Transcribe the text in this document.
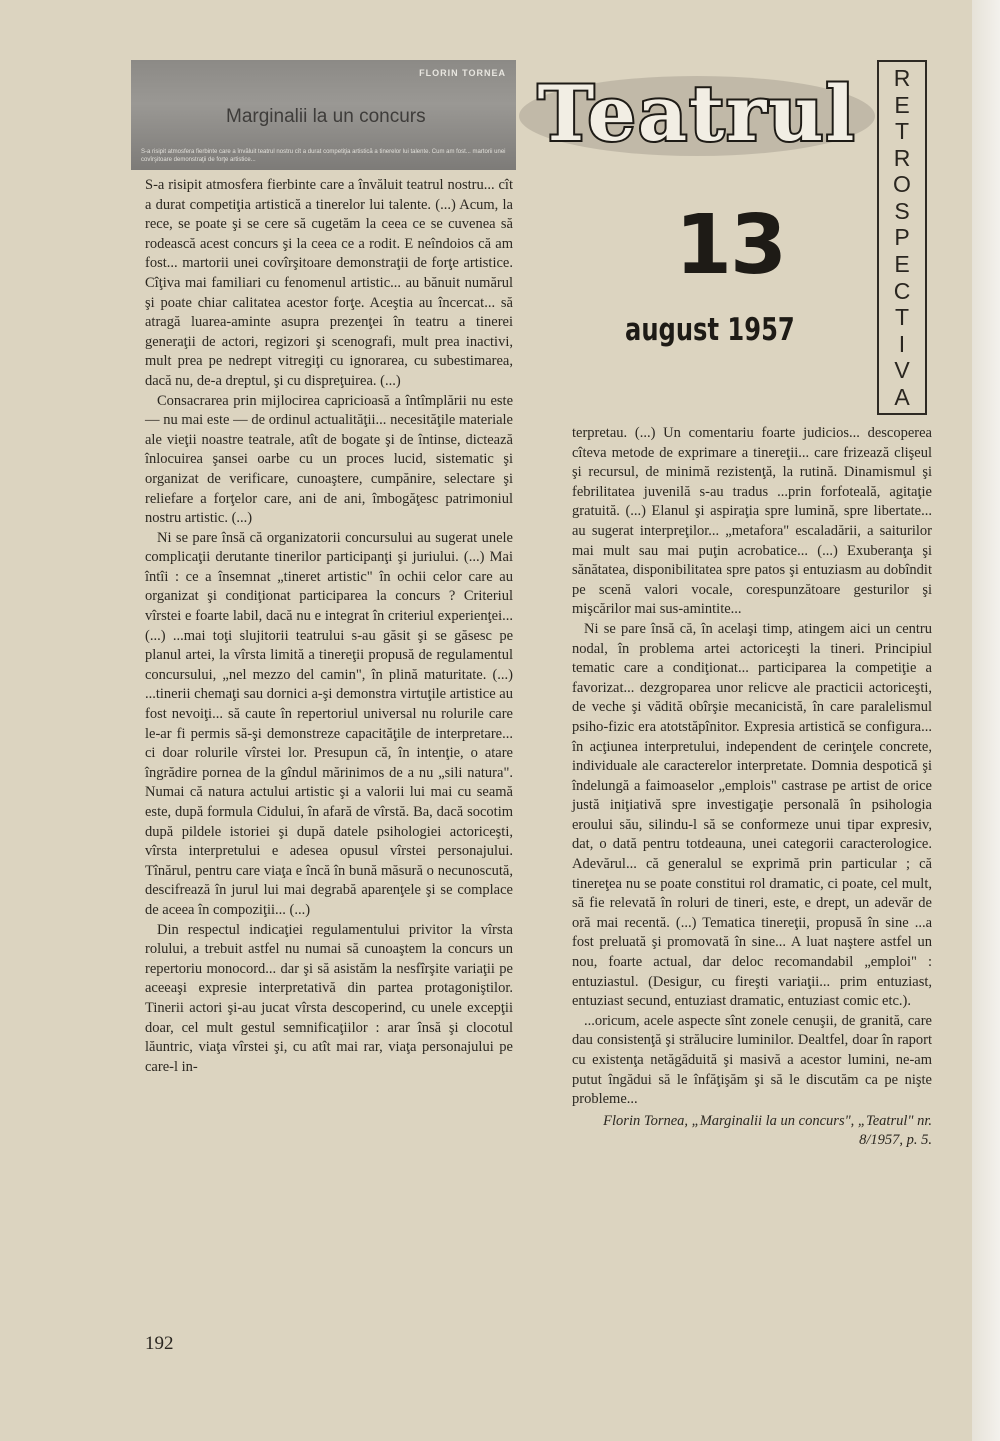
FLORIN TORNEA
Marginalii la un concurs
S-a risipit atmosfera fierbinte care a învăluit teatrul nostru cît a durat competiţia artistică a tinerelor lui talente. Cum am fost... martorii unei covîrşitoare demonstraţii de forţe artistice...
Teatrul R
E
T
R
O
S
P
E
C
T
I
V
A
13
august 1957

S-a risipit atmosfera fierbinte care a învăluit teatrul nostru... cît a durat competiţia artistică a tinerelor lui talente. (...) Acum, la rece, se poate şi se cere să cugetăm la ceea ce se cuvenea să rodească acest concurs şi la ceea ce a rodit. E neîndoios că am fost... martorii unei covîrşitoare demonstraţii de forţe artistice. Cîţiva mai familiari cu fenomenul artistic... au bănuit numărul şi poate chiar calitatea acestor forţe. Aceştia au încercat... să atragă luarea-aminte asupra prezenţei în teatru a tinerei generaţii de actori, regizori şi scenografi, mult prea inactivi, mult prea pe nedrept vitregiţi cu ignorarea, cu subestimarea, dacă nu, de-a dreptul, şi cu dispreţuirea. (...)

Consacrarea prin mijlocirea capricioasă a întîmplării nu este — nu mai este — de ordinul actualităţii... necesităţile materiale ale vieţii noastre teatrale, atît de bogate şi de întinse, dictează înlocuirea şansei oarbe cu un proces lucid, sistematic şi organizat de verificare, cunoaştere, cumpănire, selectare şi reliefare a forţelor care, ani de ani, îmbogăţesc patrimoniul nostru artistic. (...)

Ni se pare însă că organizatorii concursului au sugerat unele complicaţii derutante tinerilor participanţi şi juriului. (...) Mai întîi : ce a însemnat „tineret artistic" în ochii celor care au organizat şi condiţionat participarea la concurs ? Criteriul vîrstei e foarte labil, dacă nu e integrat în criteriul experienţei... (...) ...mai toţi slujitorii teatrului s-au găsit şi se găsesc pe planul artei, la vîrsta limită a tinereţii propusă de regulamentul concursului, „nel mezzo del camin", în plină maturitate. (...) ...tinerii chemaţi sau dornici a-şi demonstra virtuţile artistice au fost nevoiţi... să caute în repertoriul universal nu rolurile care le-ar fi permis să-şi demonstreze capacităţile de interpretare... ci doar rolurile vîrstei lor. Presupun că, în intenţie, o atare îngrădire pornea de la gîndul mărinimos de a nu „sili natura". Numai că natura actului artistic şi a valorii lui mai cu seamă este, după formula Cidului, în afară de vîrstă. Ba, dacă socotim după pildele istoriei şi după datele psihologiei actoriceşti, vîrsta interpretului e adesea opusul vîrstei personajului. Tînărul, pentru care viaţa e încă în bună măsură o necunoscută, descifrează în jurul lui mai degrabă aparenţele şi se complace de aceea în compoziţii... (...)

Din respectul indicaţiei regulamentului privitor la vîrsta rolului, a trebuit astfel nu numai să cunoaştem la concurs un repertoriu monocord... dar şi să asistăm la nesfîrşite variaţii pe aceeaşi expresie interpretativă din partea protagoniştilor. Tinerii actori şi-au jucat vîrsta descoperind, cu unele excepţii doar, cel mult gestul semnificaţiilor : arar însă şi clocotul lăuntric, viaţa vîrstei şi, cu atît mai rar, viaţa personajului pe care-l in-

terpretau. (...) Un comentariu foarte judicios... descoperea cîteva metode de exprimare a tinereţii... care frizează clişeul şi recursul, de minimă rezistenţă, la rutină. Dinamismul şi febrilitatea juvenilă s-au tradus ...prin forfoteală, agitaţie gratuită. (...) Elanul şi aspiraţia spre lumină, spre libertate... au sugerat interpreţilor... „metafora" escaladării, a saiturilor mai mult sau mai puţin acrobatice... (...) Exuberanţa şi sănătatea, disponibilitatea spre patos şi entuziasm au dobîndit pe scenă valori vocale, corespunzătoare gesturilor şi mişcărilor mai sus-amintite...

Ni se pare însă că, în acelaşi timp, atingem aici un centru nodal, în problema artei actoriceşti la tineri. Principiul tematic care a condiţionat... participarea la competiţie a favorizat... dezgroparea unor relicve ale practicii actoriceşti, de veche şi vădită obîrşie mecanicistă, în care paralelismul psiho-fizic era atotstăpînitor. Expresia artistică se configura... în acţiunea interpretului, independent de cerinţele concrete, individuale ale caracterelor interpretate. Domnia despotică şi îndelungă a faimoaselor „emplois" castrase pe artist de orice justă iniţiativă spre investigaţie personală în psihologia eroului său, silindu-l să se conformeze unui tipar expresiv, dat, o dată pentru totdeauna, unei categorii caracterologice. Adevărul... că generalul se exprimă prin particular ; că tinereţea nu se poate constitui rol dramatic, ci poate, cel mult, să fie relevată în roluri de tineri, este, e drept, un adevăr de oră mai recentă. (...) Tematica tinereţii, propusă în sine ...a fost preluată şi promovată în sine... A luat naştere astfel un nou, foarte actual, dar deloc recomandabil „emploi" : entuziastul. (Desigur, cu fireşti variaţii... prim entuziast, entuziast secund, entuziast dramatic, entuziast comic etc.).

...oricum, acele aspecte sînt zonele cenuşii, de granită, care dau consistenţă şi strălucire luminilor. Dealtfel, doar în raport cu existenţa netăgăduită şi masivă a acestor lumini, ne-am putut îngădui să le înfăţişăm şi să le discutăm ca pe nişte probleme...

Florin Tornea, „Marginalii la un concurs", „Teatrul" nr. 8/1957, p. 5.
192
